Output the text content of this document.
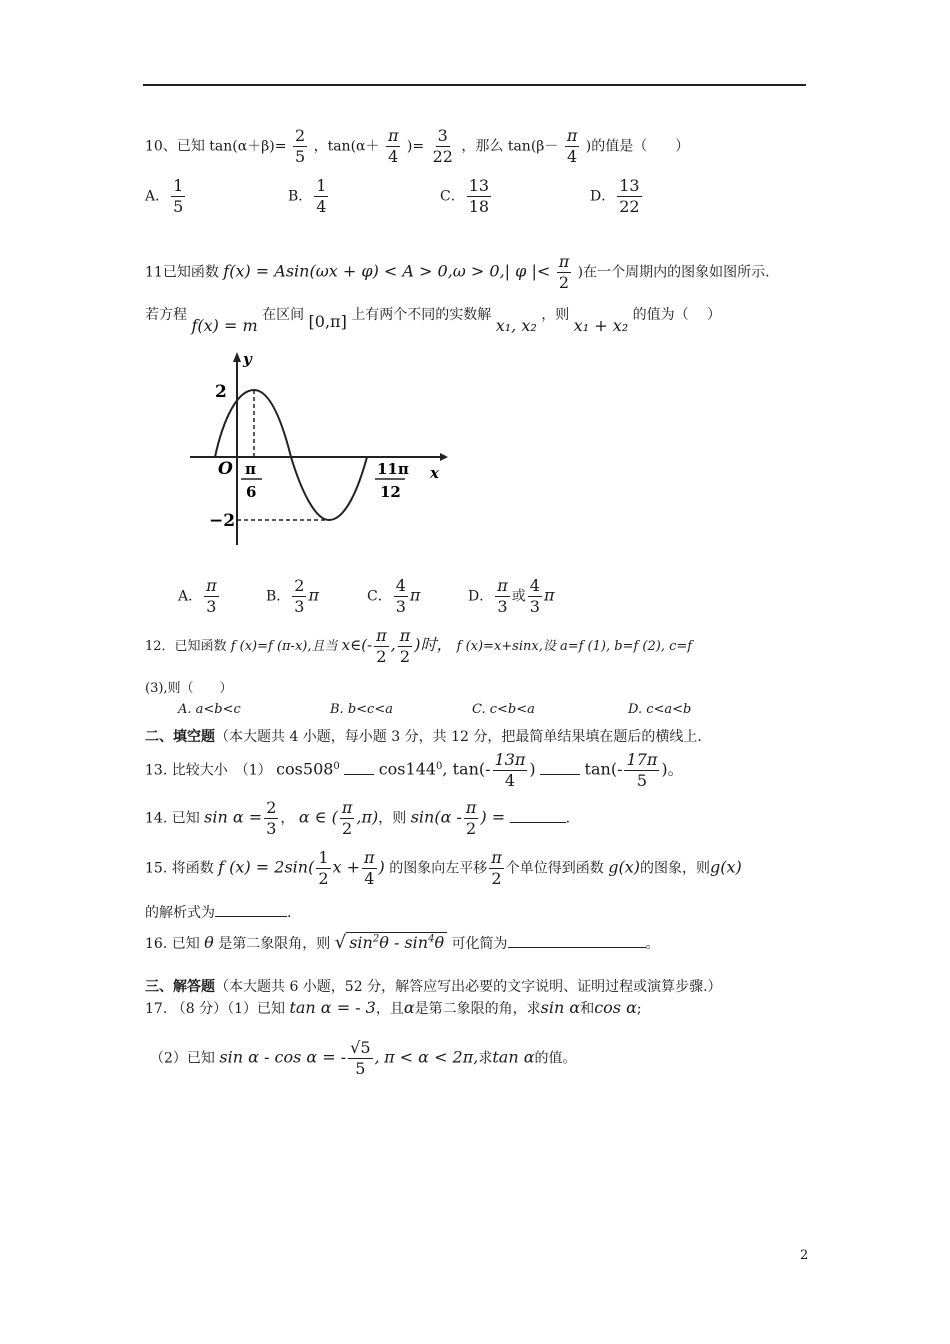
10、已知 $\tan(\alpha+\beta)= \frac{2}{5}$ ，$\tan(\alpha+ \frac{\pi}{4}$ )= $\frac{3}{22}$ ，那么 $\tan(\beta- \frac{\pi}{4}$ )的值是（　　）
A． $\frac{1}{5}$	B． $\frac{1}{4}$	C． $\frac{13}{18}$	D． $\frac{13}{22}$
11已知函数 f(x) = Asin(ωx + φ) < A > 0,ω > 0,| φ |< $\frac{\pi}{2}$ )在一个周期内的图象如图所示.
若方程 f(x) = m 在区间 [0,π] 上有两个不同的实数解 x₁, x₂ ，则 x₁ + x₂ 的值为（　 ）
y
x
O
2
−2
π
6
11π
12
A． $\frac{\pi}{3}$	B． $\frac{2}{3}$ π	C． $\frac{4}{3}$ π	D． $\frac{\pi}{3}$ 或 $\frac{4}{3}$ π
12．已知函数 f (x)=f (π-x),且当 x∈(- $\frac{\pi}{2}$ , $\frac{\pi}{2}$ )时， f (x)=x+sinx,设 a=f (1), b=f (2), c=f
(3),则（　　）
A. a<b<c	B. b<c<a	C. c<b<a	D. c<a<b
二、填空题（本大题共 4 小题，每小题 3 分，共 12 分，把最简单结果填在题后的横线上.
13. 比较大小　（1） $\cos 508^0$ $\cos 144^0$, $\tan(- \frac{13\pi}{4}$ )	$\tan(- \frac{17\pi}{5}$ )。
14. 已知 $\sin \alpha = \frac{2}{3}$ ， α ∈ ( $\frac{\pi}{2} ,\pi$)，则 $\sin(\alpha - \frac{\pi}{2}$ ) =	.
15. 将函数 f $(x) = 2\sin( \frac{1}{2}$ $x + \frac{\pi}{4}$ ) 的图象向左平移 $\frac{\pi}{2}$ 个单位得到函数 g(x)的图象，则g(x)
的解析式为	.
16. 已知 θ 是第二象限角，则 √ $\sin^2\theta - \sin^4\theta$ 可化简为	。
三、解答题（本大题共 6 小题，52 分，解答应写出必要的文字说明、证明过程或演算步骤.）
17. （8 分）（1）已知 tan α = - 3，且α是第二象限的角，求sin α和cos α;
（2）已知 sin α - cos α = - $\frac{√5}{5}$ , π < α < 2π,求tan α的值。
2
